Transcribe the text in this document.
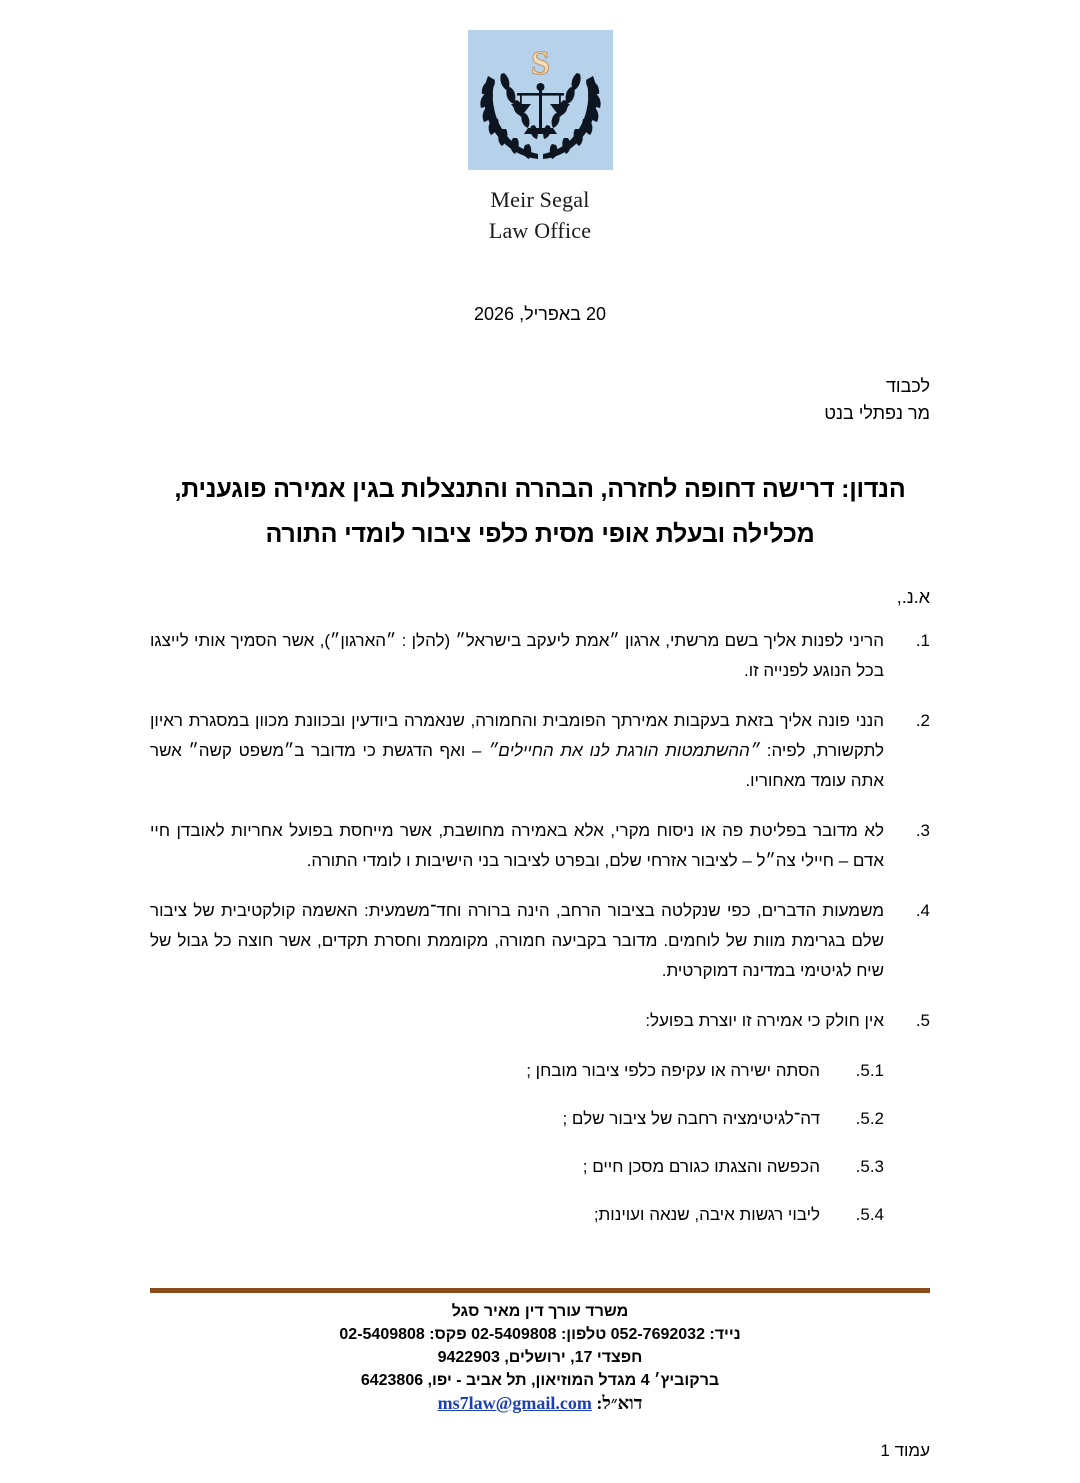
S
Meir Segal
Law Office
20 באפריל, 2026
לכבוד
מר נפתלי בנט
הנדון: דרישה דחופה לחזרה, הבהרה והתנצלות בגין אמירה פוגענית, מכלילה ובעלת אופי מסית כלפי ציבור לומדי התורה
א.נ.,
.1
הריני לפנות אליך בשם מרשתי, ארגון ״אמת ליעקב בישראל״ (להלן : ״הארגון״), אשר הסמיך אותי לייצגו בכל הנוגע לפנייה זו.
.2
הנני פונה אליך בזאת בעקבות אמירתך הפומבית והחמורה, שנאמרה ביודעין ובכוונת מכוון במסגרת ראיון לתקשורת, לפיה: ״ההשתמטות הורגת לנו את החיילים״ – ואף הדגשת כי מדובר ב״משפט קשה״ אשר אתה עומד מאחוריו.
.3
לא מדובר בפליטת פה או ניסוח מקרי, אלא באמירה מחושבת, אשר מייחסת בפועל אחריות לאובדן חיי אדם – חיילי צה״ל – לציבור אזרחי שלם, ובפרט לציבור בני הישיבות ו לומדי התורה.
.4
משמעות הדברים, כפי שנקלטה בציבור הרחב, הינה ברורה וחד־משמעית: האשמה קולקטיבית של ציבור שלם בגרימת מוות של לוחמים. מדובר בקביעה חמורה, מקוממת וחסרת תקדים, אשר חוצה כל גבול של שיח לגיטימי במדינה דמוקרטית.
.5
אין חולק כי אמירה זו יוצרת בפועל:
.5.1
הסתה ישירה או עקיפה כלפי ציבור מובחן ;
.5.2
דה־לגיטימציה רחבה של ציבור שלם ;
.5.3
הכפשה והצגתו כגורם מסכן חיים ;
.5.4
ליבוי רגשות איבה, שנאה ועוינות;
משרד עורך דין מאיר סגל
נייד: 052-7692032 טלפון: 02-5409808 פקס: 02-5409808
חפצדי 17, ירושלים, 9422903
ברקוביץ׳ 4 מגדל המוזיאון, תל אביב - יפו, 6423806
דוא״ל: ms7law@gmail.com
עמוד 1
